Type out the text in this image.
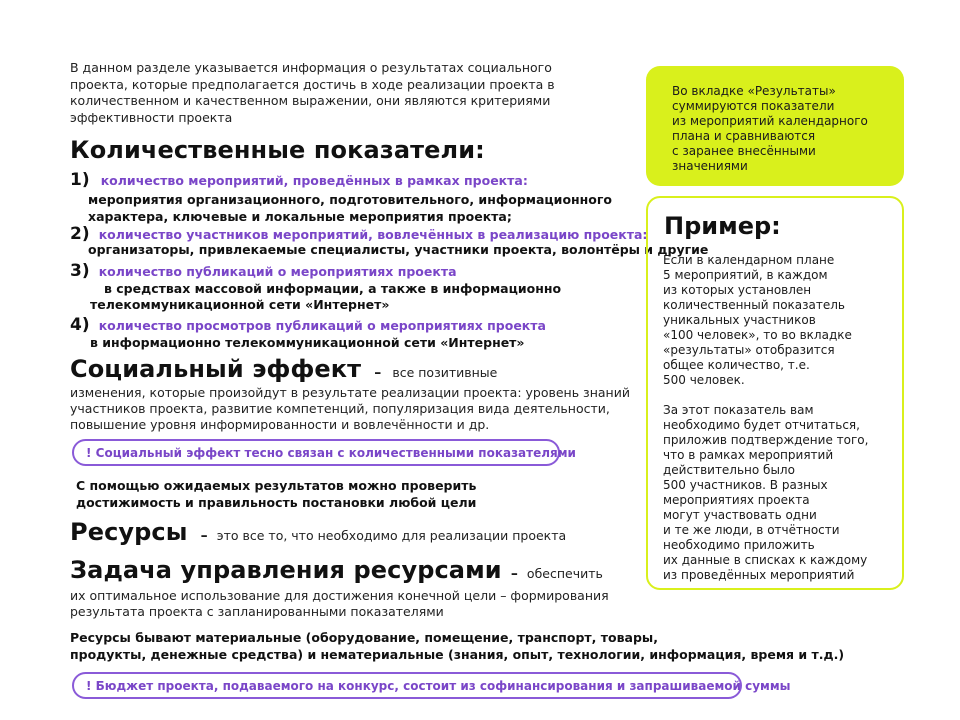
В данном разделе указывается информация о результатах социального проекта, которые предполагается достичь в ходе реализации проекта в количественном и качественном выражении, они являются критериями эффективности проекта
Количественные показатели:
1) количество мероприятий, проведённых в рамках проекта:
мероприятия организационного, подготовительного, информационного
характера, ключевые и локальные мероприятия проекта;
2) количество участников мероприятий, вовлечённых в реализацию проекта:
организаторы, привлекаемые специалисты, участники проекта, волонтёры и другие
3) количество публикаций о мероприятиях проекта
в средствах массовой информации, а также в информационно
телекоммуникационной сети «Интернет»
4) количество просмотров публикаций о мероприятиях проекта
в информационно телекоммуникационной сети «Интернет»
Социальный эффект – все позитивные
изменения, которые произойдут в результате реализации проекта: уровень знаний
участников проекта, развитие компетенций, популяризация вида деятельности,
повышение уровня информированности и вовлечённости и др.
! Социальный эффект тесно связан с количественными показателями
С помощью ожидаемых результатов можно проверить
достижимость и правильность постановки любой цели
Ресурсы – это все то, что необходимо для реализации проекта
Задача управления ресурсами – обеспечить
их оптимальное использование для достижения конечной цели – формирования
результата проекта с запланированными показателями
Ресурсы бывают материальные (оборудование, помещение, транспорт, товары,
продукты, денежные средства) и нематериальные (знания, опыт, технологии, информация, время и т.д.)
! Бюджет проекта, подаваемого на конкурс, состоит из софинансирования и запрашиваемой суммы
Во вкладке «Результаты»
суммируются показатели
из мероприятий календарного
плана и сравниваются
с заранее внесёнными
значениями
Пример:

Если в календарном плане
5 мероприятий, в каждом
из которых установлен
количественный показатель
уникальных участников
«100 человек», то во вкладке
«результаты» отобразится
общее количество, т.е.
500 человек.

За этот показатель вам
необходимо будет отчитаться,
приложив подтверждение того,
что в рамках мероприятий
действительно было
500 участников. В разных
мероприятиях проекта
могут участвовать одни
и те же люди, в отчётности
необходимо приложить
их данные в списках к каждому
из проведённых мероприятий
